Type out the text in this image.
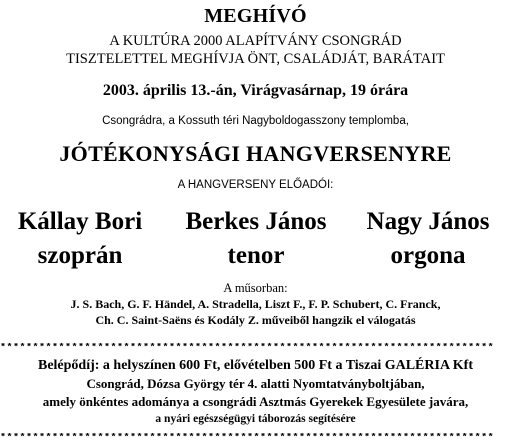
MEGHÍVÓ
A KULTÚRA 2000 ALAPÍTVÁNY CSONGRÁD
TISZTELETTEL MEGHÍVJA ÖNT, CSALÁDJÁT, BARÁTAIT
2003. április 13.-án, Virágvasárnap, 19 órára
Csongrádra, a Kossuth téri Nagyboldogasszony templomba,
JÓTÉKONYSÁGI HANGVERSENYRE
A HANGVERSENY ELŐADÓI:
Kállay Bori
szoprán
Berkes János
tenor
Nagy János
orgona
A műsorban:
J. S. Bach, G. F. Händel, A. Stradella, Liszt F., F. P. Schubert, C. Franck,
Ch. C. Saint-Saëns és Kodály Z. műveiből hangzik el válogatás
****************************************************************************
Belépődíj: a helyszínen 600 Ft, elővételben 500 Ft a Tiszai GALÉRIA Kft
Csongrád, Dózsa György tér 4. alatti Nyomtatványboltjában,
amely önkéntes adománya a csongrádi Asztmás Gyerekek Egyesülete javára,
a nyári egészségügyi táborozás segítésére
****************************************************************************
